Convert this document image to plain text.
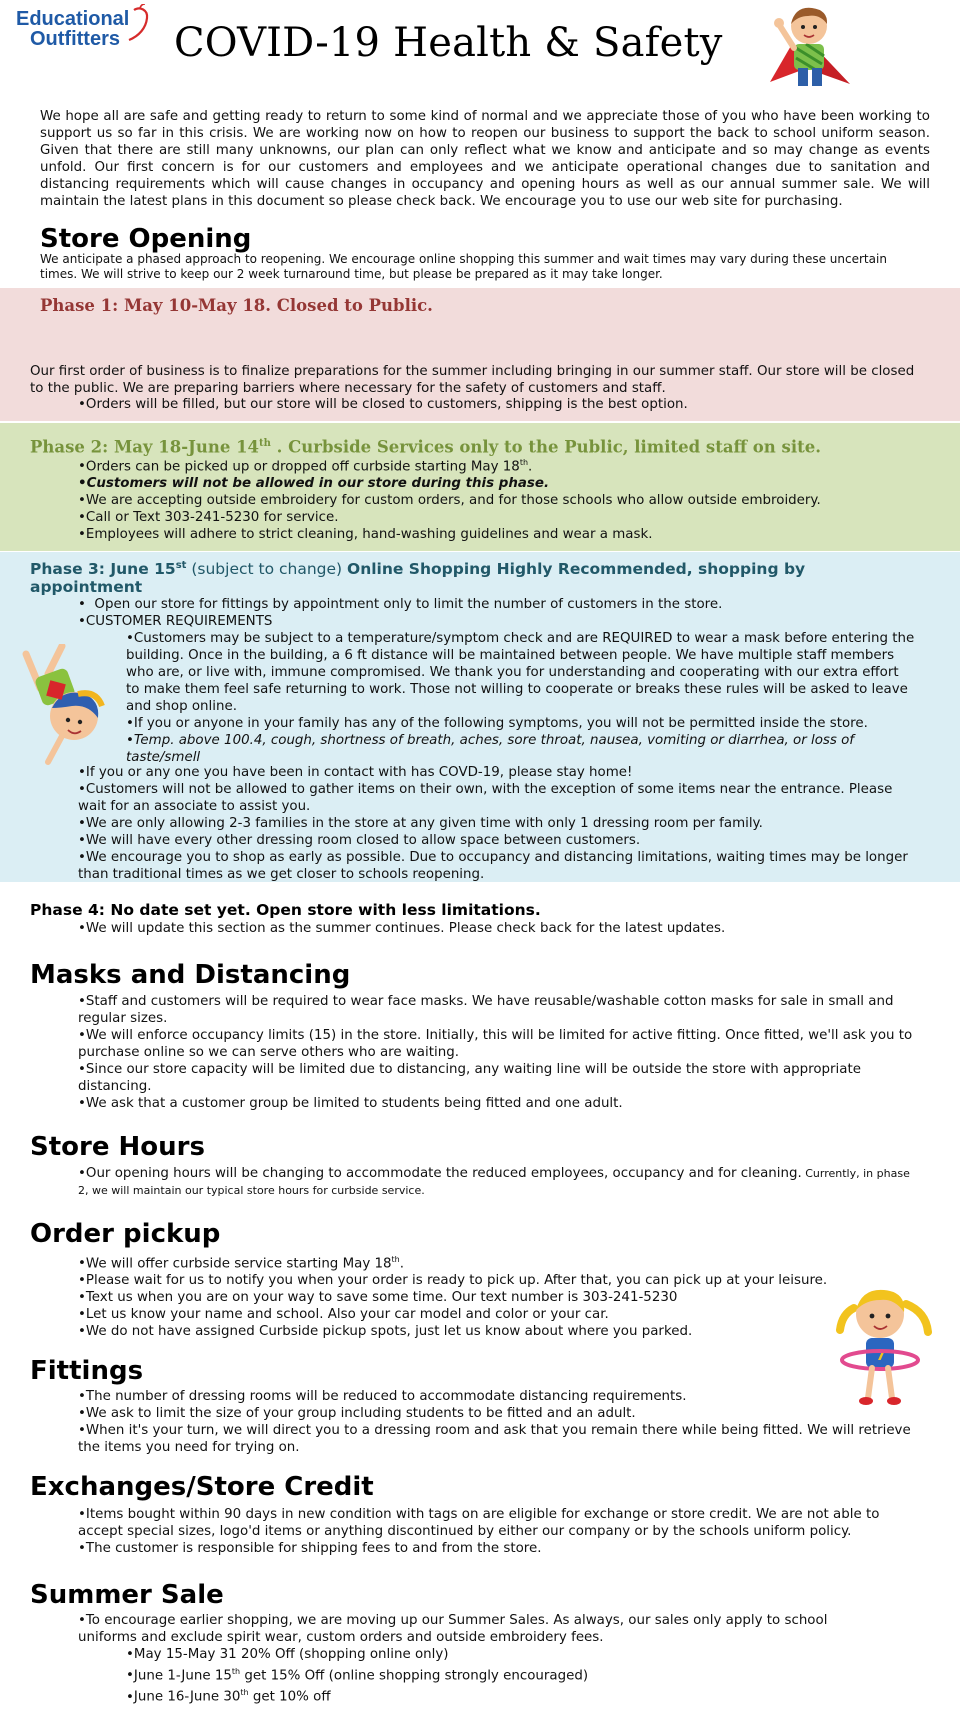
Educational
Outfitters COVID-19 Health & Safety

We hope all are safe and getting ready to return to some kind of normal and we appreciate those of you who have been working to support us so far in this crisis. We are working now on how to reopen our business to support the back to school uniform season. Given that there are still many unknowns, our plan can only reflect what we know and anticipate and so may change as events unfold. Our first concern is for our customers and employees and we anticipate operational changes due to sanitation and distancing requirements which will cause changes in occupancy and opening hours as well as our annual summer sale. We will maintain the latest plans in this document so please check back. We encourage you to use our web site for purchasing.

Store Opening

We anticipate a phased approach to reopening. We encourage online shopping this summer and wait times may vary during these uncertain times. We will strive to keep our 2 week turnaround time, but please be prepared as it may take longer.

Phase 1: May 10-May 18. Closed to Public.

Our first order of business is to finalize preparations for the summer including bringing in our summer staff. Our store will be closed to the public. We are preparing barriers where necessary for the safety of customers and staff.

• Orders will be filled, but our store will be closed to customers, shipping is the best option.
Phase 2: May 18-June 14th . Curbside Services only to the Public, limited staff on site.
• Orders can be picked up or dropped off curbside starting May 18th.
• Customers will not be allowed in our store during this phase.
• We are accepting outside embroidery for custom orders, and for those schools who allow outside embroidery.
• Call or Text 303-241-5230 for service.
• Employees will adhere to strict cleaning, hand-washing guidelines and wear a mask.
Phase 3: June 15st (subject to change) Online Shopping Highly Recommended, shopping by appointment
•  Open our store for fittings by appointment only to limit the number of customers in the store.
• CUSTOMER REQUIREMENTS
• Customers may be subject to a temperature/symptom check and are REQUIRED to wear a mask before entering the building. Once in the building, a 6 ft distance will be maintained between people. We have multiple staff members who are, or live with, immune compromised. We thank you for understanding and cooperating with our extra effort to make them feel safe returning to work. Those not willing to cooperate or breaks these rules will be asked to leave and shop online.
• If you or anyone in your family has any of the following symptoms, you will not be permitted inside the store.
• Temp. above 100.4, cough, shortness of breath, aches, sore throat, nausea, vomiting or diarrhea, or loss of taste/smell
• If you or any one you have been in contact with has COVD-19, please stay home!
• Customers will not be allowed to gather items on their own, with the exception of some items near the entrance. Please wait for an associate to assist you.
• We are only allowing 2-3 families in the store at any given time with only 1 dressing room per family.
• We will have every other dressing room closed to allow space between customers.
• We encourage you to shop as early as possible. Due to occupancy and distancing limitations, waiting times may be longer than traditional times as we get closer to schools reopening.
Phase 4: No date set yet. Open store with less limitations.
• We will update this section as the summer continues. Please check back for the latest updates.
Masks and Distancing
• Staff and customers will be required to wear face masks. We have reusable/washable cotton masks for sale in small and regular sizes.
• We will enforce occupancy limits (15) in the store. Initially, this will be limited for active fitting. Once fitted, we'll ask you to purchase online so we can serve others who are waiting.
• Since our store capacity will be limited due to distancing, any waiting line will be outside the store with appropriate distancing.
• We ask that a customer group be limited to students being fitted and one adult.
Store Hours
• Our opening hours will be changing to accommodate the reduced employees, occupancy and for cleaning. Currently, in phase 2, we will maintain our typical store hours for curbside service.
Order pickup
• We will offer curbside service starting May 18th.
• Please wait for us to notify you when your order is ready to pick up. After that, you can pick up at your leisure.
• Text us when you are on your way to save some time. Our text number is 303-241-5230
• Let us know your name and school. Also your car model and color or your car.
• We do not have assigned Curbside pickup spots, just let us know about where you parked.
7
Fittings
• The number of dressing rooms will be reduced to accommodate distancing requirements.
• We ask to limit the size of your group including students to be fitted and an adult.
• When it's your turn, we will direct you to a dressing room and ask that you remain there while being fitted. We will retrieve the items you need for trying on.
Exchanges/Store Credit
• Items bought within 90 days in new condition with tags on are eligible for exchange or store credit. We are not able to accept special sizes, logo'd items or anything discontinued by either our company or by the schools uniform policy.
• The customer is responsible for shipping fees to and from the store.
Summer Sale
• To encourage earlier shopping, we are moving up our Summer Sales. As always, our sales only apply to school uniforms and exclude spirit wear, custom orders and outside embroidery fees.
• May 15-May 31 20% Off (shopping online only)
• June 1-June 15th get 15% Off (online shopping strongly encouraged)
• June 16-June 30th get 10% off
